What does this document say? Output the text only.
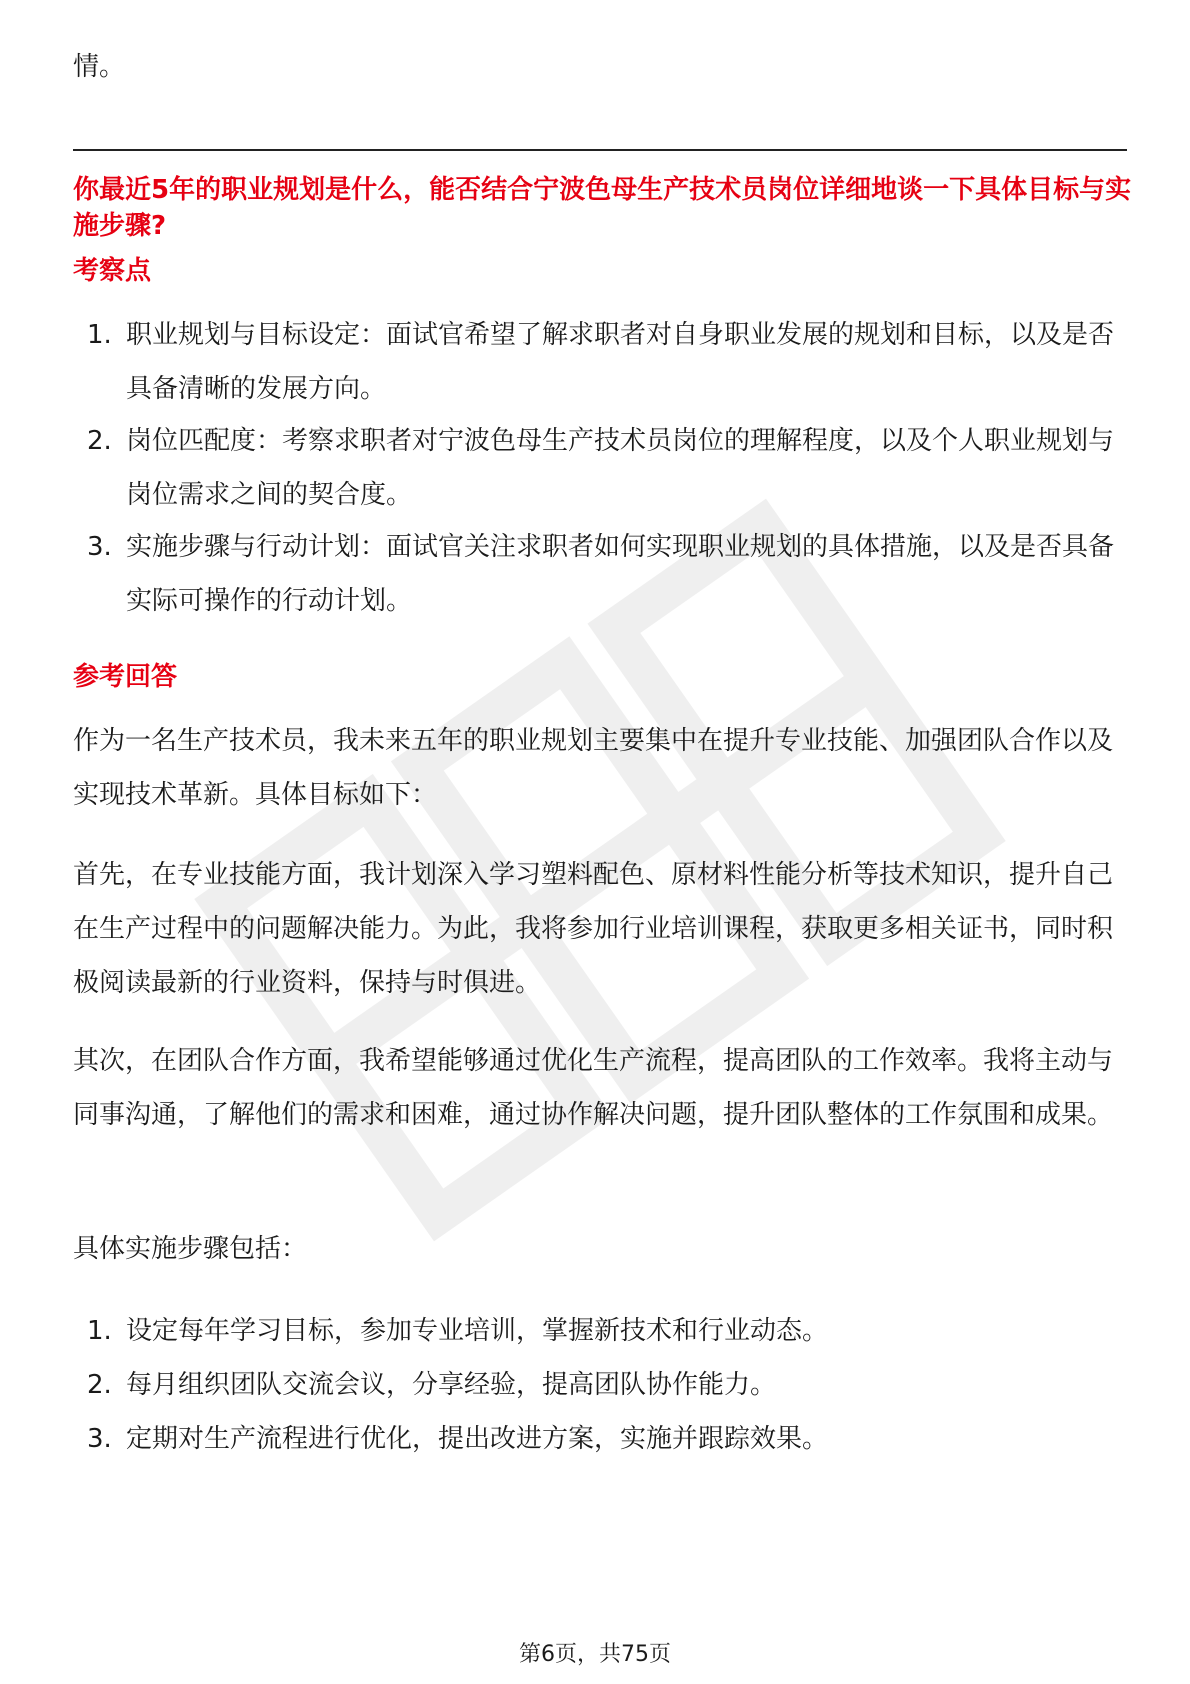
情。
你最近5年的职业规划是什么，能否结合宁波色母生产技术员岗位详细地谈一下具体目标与实施步骤?
考察点
1. 职业规划与目标设定：面试官希望了解求职者对自身职业发展的规划和目标，以及是否具备清晰的发展方向。
2. 岗位匹配度：考察求职者对宁波色母生产技术员岗位的理解程度，以及个人职业规划与岗位需求之间的契合度。
3. 实施步骤与行动计划：面试官关注求职者如何实现职业规划的具体措施，以及是否具备实际可操作的行动计划。
参考回答
作为一名生产技术员，我未来五年的职业规划主要集中在提升专业技能、加强团队合作以及实现技术革新。具体目标如下：
首先，在专业技能方面，我计划深入学习塑料配色、原材料性能分析等技术知识，提升自己在生产过程中的问题解决能力。为此，我将参加行业培训课程，获取更多相关证书，同时积极阅读最新的行业资料，保持与时俱进。
其次，在团队合作方面，我希望能够通过优化生产流程，提高团队的工作效率。我将主动与同事沟通，了解他们的需求和困难，通过协作解决问题，提升团队整体的工作氛围和成果。
具体实施步骤包括：
1. 设定每年学习目标，参加专业培训，掌握新技术和行业动态。
2. 每月组织团队交流会议，分享经验，提高团队协作能力。
3. 定期对生产流程进行优化，提出改进方案，实施并跟踪效果。
第6页，共75页
